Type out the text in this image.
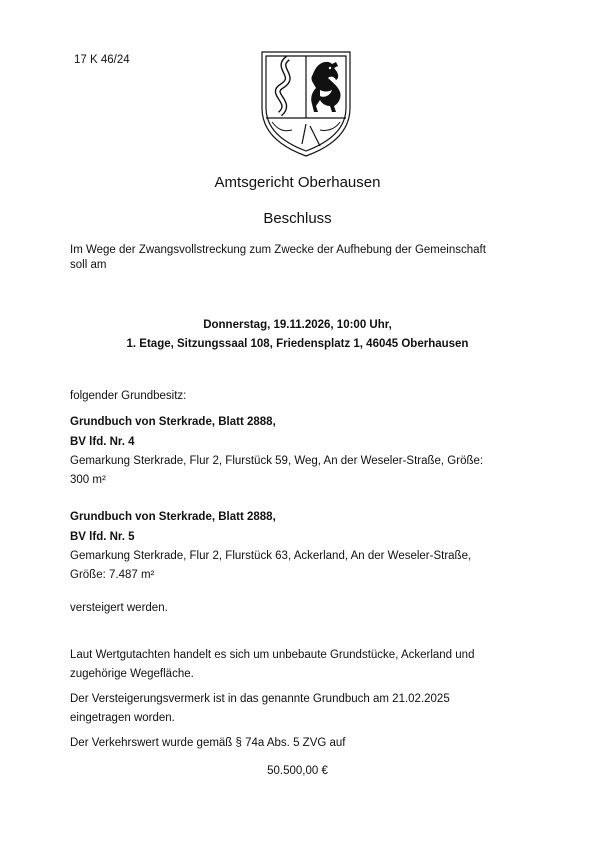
17 K 46/24
Amtsgericht Oberhausen
Beschluss
Im Wege der Zwangsvollstreckung zum Zwecke der Aufhebung der Gemeinschaft
soll am
Donnerstag, 19.11.2026, 10:00 Uhr,
1. Etage, Sitzungssaal 108, Friedensplatz 1, 46045 Oberhausen
folgender Grundbesitz:
Grundbuch von Sterkrade, Blatt 2888,
BV lfd. Nr. 4
Gemarkung Sterkrade, Flur 2, Flurstück 59, Weg, An der Weseler-Straße, Größe:
300 m²
Grundbuch von Sterkrade, Blatt 2888,
BV lfd. Nr. 5
Gemarkung Sterkrade, Flur 2, Flurstück 63, Ackerland, An der Weseler-Straße,
Größe: 7.487 m²
versteigert werden.
Laut Wertgutachten handelt es sich um unbebaute Grundstücke, Ackerland und
zugehörige Wegefläche.
Der Versteigerungsvermerk ist in das genannte Grundbuch am 21.02.2025
eingetragen worden.
Der Verkehrswert wurde gemäß § 74a Abs. 5 ZVG auf
50.500,00 €
